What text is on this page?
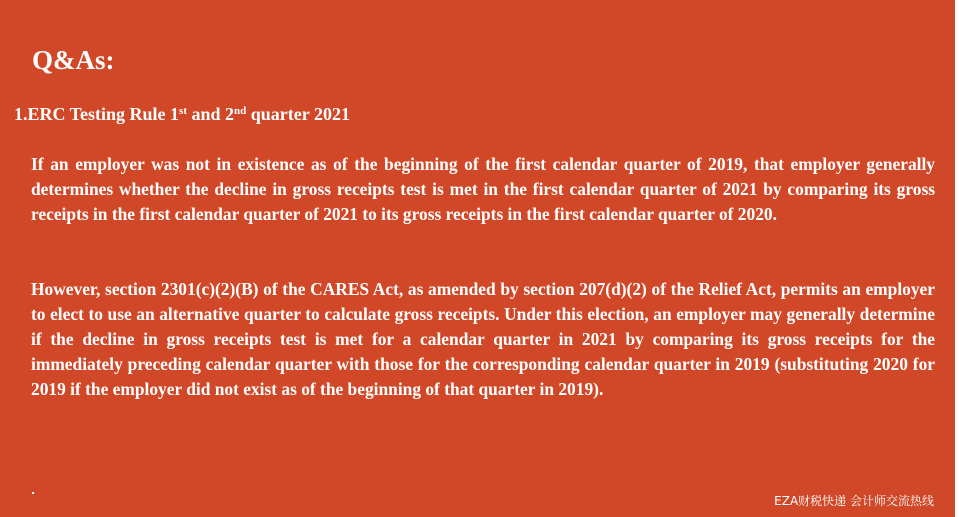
Q&As:
1.ERC Testing Rule 1st and 2nd quarter 2021

If an employer was not in existence as of the beginning of the first calendar quarter of 2019, that employer generally determines whether the decline in gross receipts test is met in the first calendar quarter of 2021 by comparing its gross receipts in the first calendar quarter of 2021 to its gross receipts in the first calendar quarter of 2020.

However, section 2301(c)(2)(B) of the CARES Act, as amended by section 207(d)(2) of the Relief Act, permits an employer to elect to use an alternative quarter to calculate gross receipts. Under this election, an employer may generally determine if the decline in gross receipts test is met for a calendar quarter in 2021 by comparing its gross receipts for the immediately preceding calendar quarter with those for the corresponding calendar quarter in 2019 (substituting 2020 for 2019 if the employer did not exist as of the beginning of that quarter in 2019).

EZA财税快递 会计师交流热线
